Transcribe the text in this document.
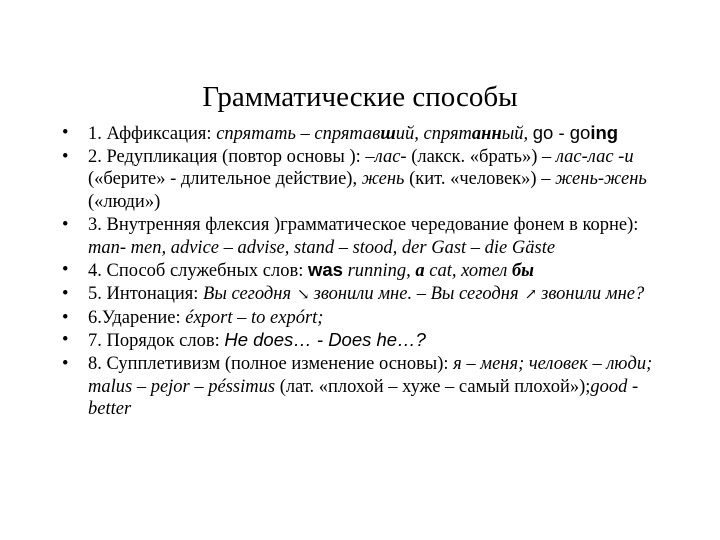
Грамматические способы
• 1. Аффиксация: спрятать – спрятавший, спрятанный, go - going
• 2. Редупликация (повтор основы ): –лас- (лакск. «брать») – лас-лас -и («берите» - длительное действие), жень (кит. «человек») – жень-жень («люди»)
• 3. Внутренняя флексия )грамматическое чередование фонем в корне): man- men, advice – advise, stand – stood, der Gast – die Gäste
• 4. Способ служебных слов: was running, a cat, хотел бы
• 5. Интонация: Вы сегодня ↘ звонили мне. – Вы сегодня ↗ звонили мне?
• 6.Ударение: éxport – to expórt;
• 7. Порядок слов: He does… - Does he…?
• 8. Супплетивизм (полное изменение основы): я – меня; человек – люди; malus – pejor – péssimus (лат. «плохой – хуже – самый плохой»);good - better
